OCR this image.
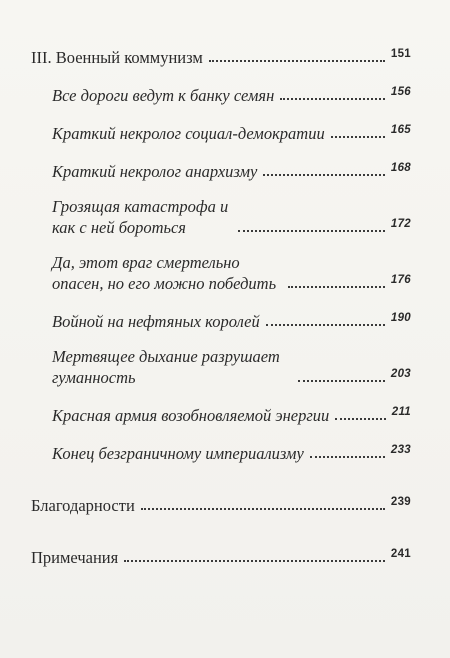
III. Военный коммунизм	151
Все дороги ведут к банку семян	156
Краткий некролог социал-демократии	165
Краткий некролог анархизму	168
Грозящая катастрофа и как с ней бороться	172
Да, этот враг смертельно опасен, но его можно победить	176
Войной на нефтяных королей	190
Мертвящее дыхание разрушает гуманность	203
Красная армия возобновляемой энергии	211
Конец безграничному империализму	233
Благодарности	239
Примечания	241
